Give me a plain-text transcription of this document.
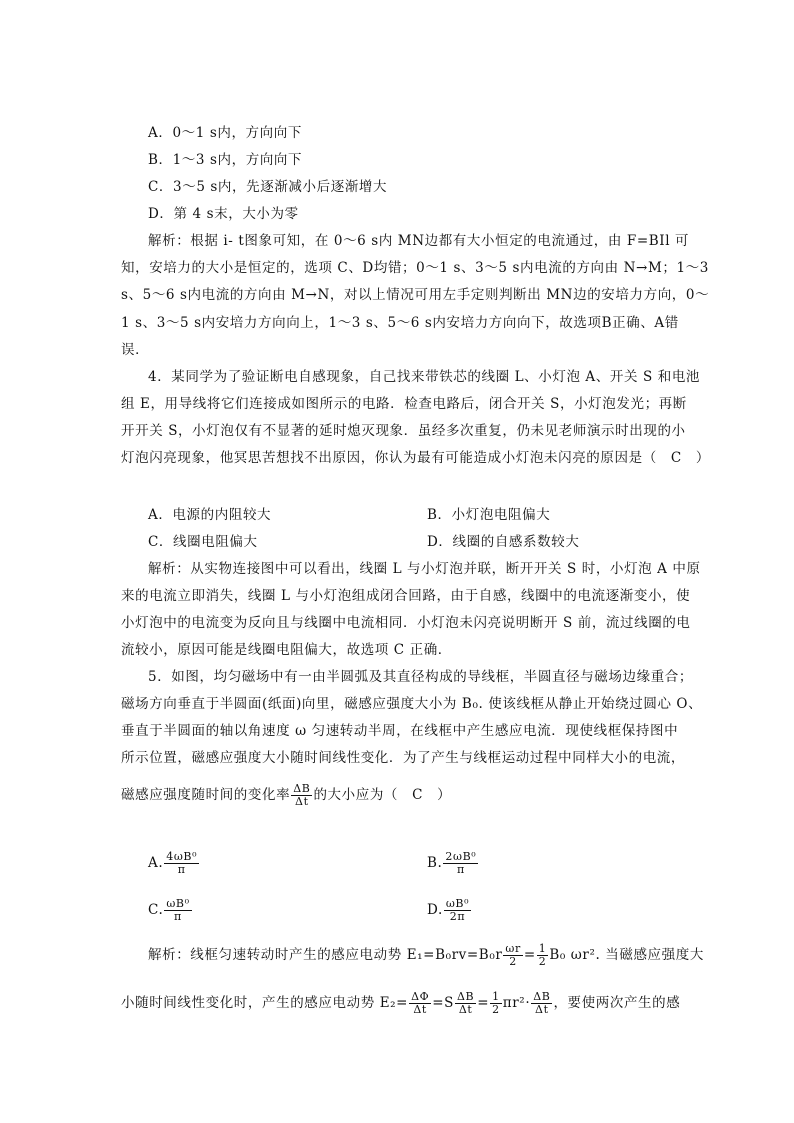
A．0～1 s内，方向向下
B．1～3 s内，方向向下
C．3～5 s内，先逐渐减小后逐渐增大
D．第 4 s末，大小为零
解析：根据 i- t图象可知，在 0～6 s内 MN边都有大小恒定的电流通过，由 F=BIl 可
知，安培力的大小是恒定的，选项 C、D均错；0～1 s、3～5 s内电流的方向由 N→M；1～3
s、5～6 s内电流的方向由 M→N，对以上情况可用左手定则判断出 MN边的安培力方向，0～
1 s、3～5 s内安培力方向向上，1～3 s、5～6 s内安培力方向向下，故选项B正确、A错
误．
4．某同学为了验证断电自感现象，自己找来带铁芯的线圈 L、小灯泡 A、开关 S 和电池
组 E，用导线将它们连接成如图所示的电路．检查电路后，闭合开关 S，小灯泡发光；再断
开开关 S，小灯泡仅有不显著的延时熄灭现象．虽经多次重复，仍未见老师演示时出现的小
灯泡闪亮现象，他冥思苦想找不出原因，你认为最有可能造成小灯泡未闪亮的原因是（　C　）
A．电源的内阻较大	B．小灯泡电阻偏大
C．线圈电阻偏大	D．线圈的自感系数较大
解析：从实物连接图中可以看出，线圈 L 与小灯泡并联，断开开关 S 时，小灯泡 A 中原
来的电流立即消失，线圈 L 与小灯泡组成闭合回路，由于自感，线圈中的电流逐渐变小，使
小灯泡中的电流变为反向且与线圈中电流相同．小灯泡未闪亮说明断开 S 前，流过线圈的电
流较小，原因可能是线圈电阻偏大，故选项 C 正确．
5．如图，均匀磁场中有一由半圆弧及其直径构成的导线框，半圆直径与磁场边缘重合；
磁场方向垂直于半圆面(纸面)向里，磁感应强度大小为 B₀. 使该线框从静止开始绕过圆心 O、
垂直于半圆面的轴以角速度 ω 匀速转动半周，在线框中产生感应电流．现使线框保持图中
所示位置，磁感应强度大小随时间线性变化．为了产生与线框运动过程中同样大小的电流，
磁感应强度随时间的变化率 $\frac{\Delta B}{\Delta t}$ 的大小应为（　C　）
A. $\frac{\text{4ωB⁰}}{\pi}$	B. $\frac{\text{2ωB⁰}}{\pi}$
C. $\frac{\text{ωB⁰}}{\pi}$	D. $\frac{\text{ωB⁰}}{2\pi}$
解析：线框匀速转动时产生的感应电动势 $E_1=B_0rv=B_0r \frac{\omega r}{2} = \frac{1}{2} B_0$ ωr². 当磁感应强度大
小随时间线性变化时，产生的感应电动势 $E_2= \frac{\Delta\Phi}{\Delta t} =S \frac{\Delta B}{\Delta t} = \frac{1}{2} \pi r^2\cdot \frac{\Delta B}{\Delta t}$ ，要使两次产生的感
